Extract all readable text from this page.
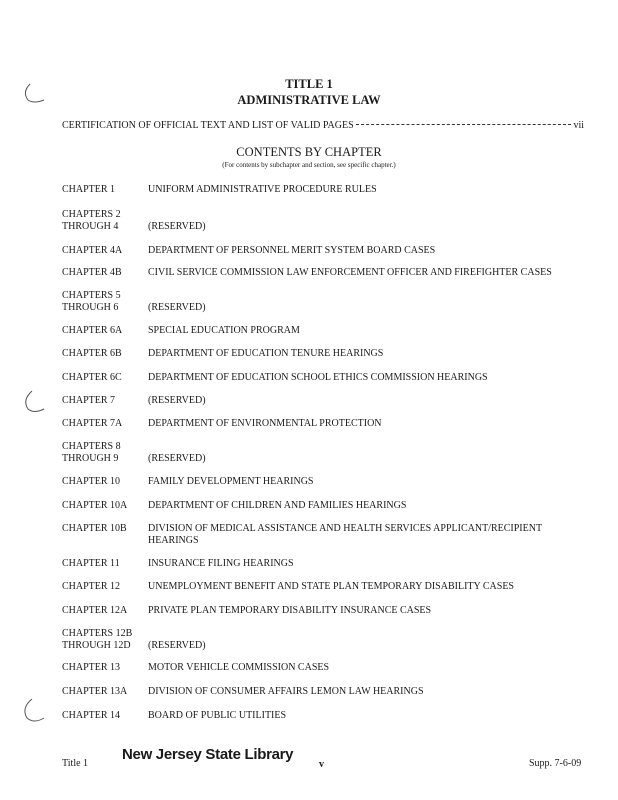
TITLE 1
ADMINISTRATIVE LAW
CERTIFICATION OF OFFICIAL TEXT AND LIST OF VALID PAGES	vii
CONTENTS BY CHAPTER
(For contents by subchapter and section, see specific chapter.)
CHAPTER 1	UNIFORM ADMINISTRATIVE PROCEDURE RULES
CHAPTERS 2
THROUGH 4	(RESERVED)
CHAPTER 4A	DEPARTMENT OF PERSONNEL MERIT SYSTEM BOARD CASES
CHAPTER 4B	CIVIL SERVICE COMMISSION LAW ENFORCEMENT OFFICER AND FIREFIGHTER CASES
CHAPTERS 5
THROUGH 6	(RESERVED)
CHAPTER 6A	SPECIAL EDUCATION PROGRAM
CHAPTER 6B	DEPARTMENT OF EDUCATION TENURE HEARINGS
CHAPTER 6C	DEPARTMENT OF EDUCATION SCHOOL ETHICS COMMISSION HEARINGS
CHAPTER 7	(RESERVED)
CHAPTER 7A	DEPARTMENT OF ENVIRONMENTAL PROTECTION
CHAPTERS 8
THROUGH 9	(RESERVED)
CHAPTER 10	FAMILY DEVELOPMENT HEARINGS
CHAPTER 10A	DEPARTMENT OF CHILDREN AND FAMILIES HEARINGS
CHAPTER 10B	DIVISION OF MEDICAL ASSISTANCE AND HEALTH SERVICES APPLICANT/RECIPIENT HEARINGS
CHAPTER 11	INSURANCE FILING HEARINGS
CHAPTER 12	UNEMPLOYMENT BENEFIT AND STATE PLAN TEMPORARY DISABILITY CASES
CHAPTER 12A	PRIVATE PLAN TEMPORARY DISABILITY INSURANCE CASES
CHAPTERS 12B
THROUGH 12D	(RESERVED)
CHAPTER 13	MOTOR VEHICLE COMMISSION CASES
CHAPTER 13A	DIVISION OF CONSUMER AFFAIRS LEMON LAW HEARINGS
CHAPTER 14	BOARD OF PUBLIC UTILITIES
Title 1
New Jersey State Library
v	Supp. 7-6-09
